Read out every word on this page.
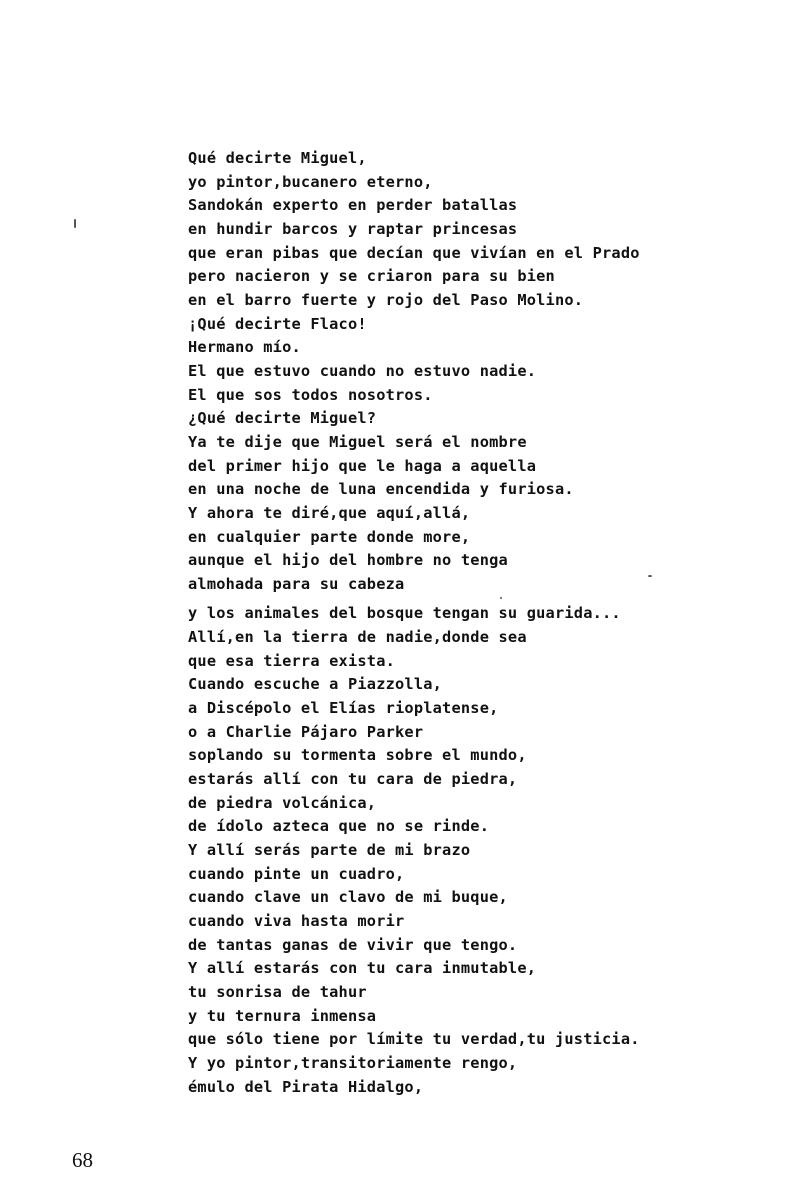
Qué decirte Miguel,
yo pintor,bucanero eterno,
Sandokán experto en perder batallas
en hundir barcos y raptar princesas
que eran pibas que decían que vivían en el Prado
pero nacieron y se criaron para su bien
en el barro fuerte y rojo del Paso Molino.
¡Qué decirte Flaco!
Hermano mío.
El que estuvo cuando no estuvo nadie.
El que sos todos nosotros.
¿Qué decirte Miguel?
Ya te dije que Miguel será el nombre
del primer hijo que le haga a aquella
en una noche de luna encendida y furiosa.
Y ahora te diré,que aquí,allá,
en cualquier parte donde more,
aunque el hijo del hombre no tenga
almohada para su cabeza
y los animales del bosque tengan su guarida...
Allí,en la tierra de nadie,donde sea
que esa tierra exista.
Cuando escuche a Piazzolla,
a Discépolo el Elías rioplatense,
o a Charlie Pájaro Parker
soplando su tormenta sobre el mundo,
estarás allí con tu cara de piedra,
de piedra volcánica,
de ídolo azteca que no se rinde.
Y allí serás parte de mi brazo
cuando pinte un cuadro,
cuando clave un clavo de mi buque,
cuando viva hasta morir
de tantas ganas de vivir que tengo.
Y allí estarás con tu cara inmutable,
tu sonrisa de tahur
y tu ternura inmensa
que sólo tiene por límite tu verdad,tu justicia.
Y yo pintor,transitoriamente rengo,
émulo del Pirata Hidalgo,
68
